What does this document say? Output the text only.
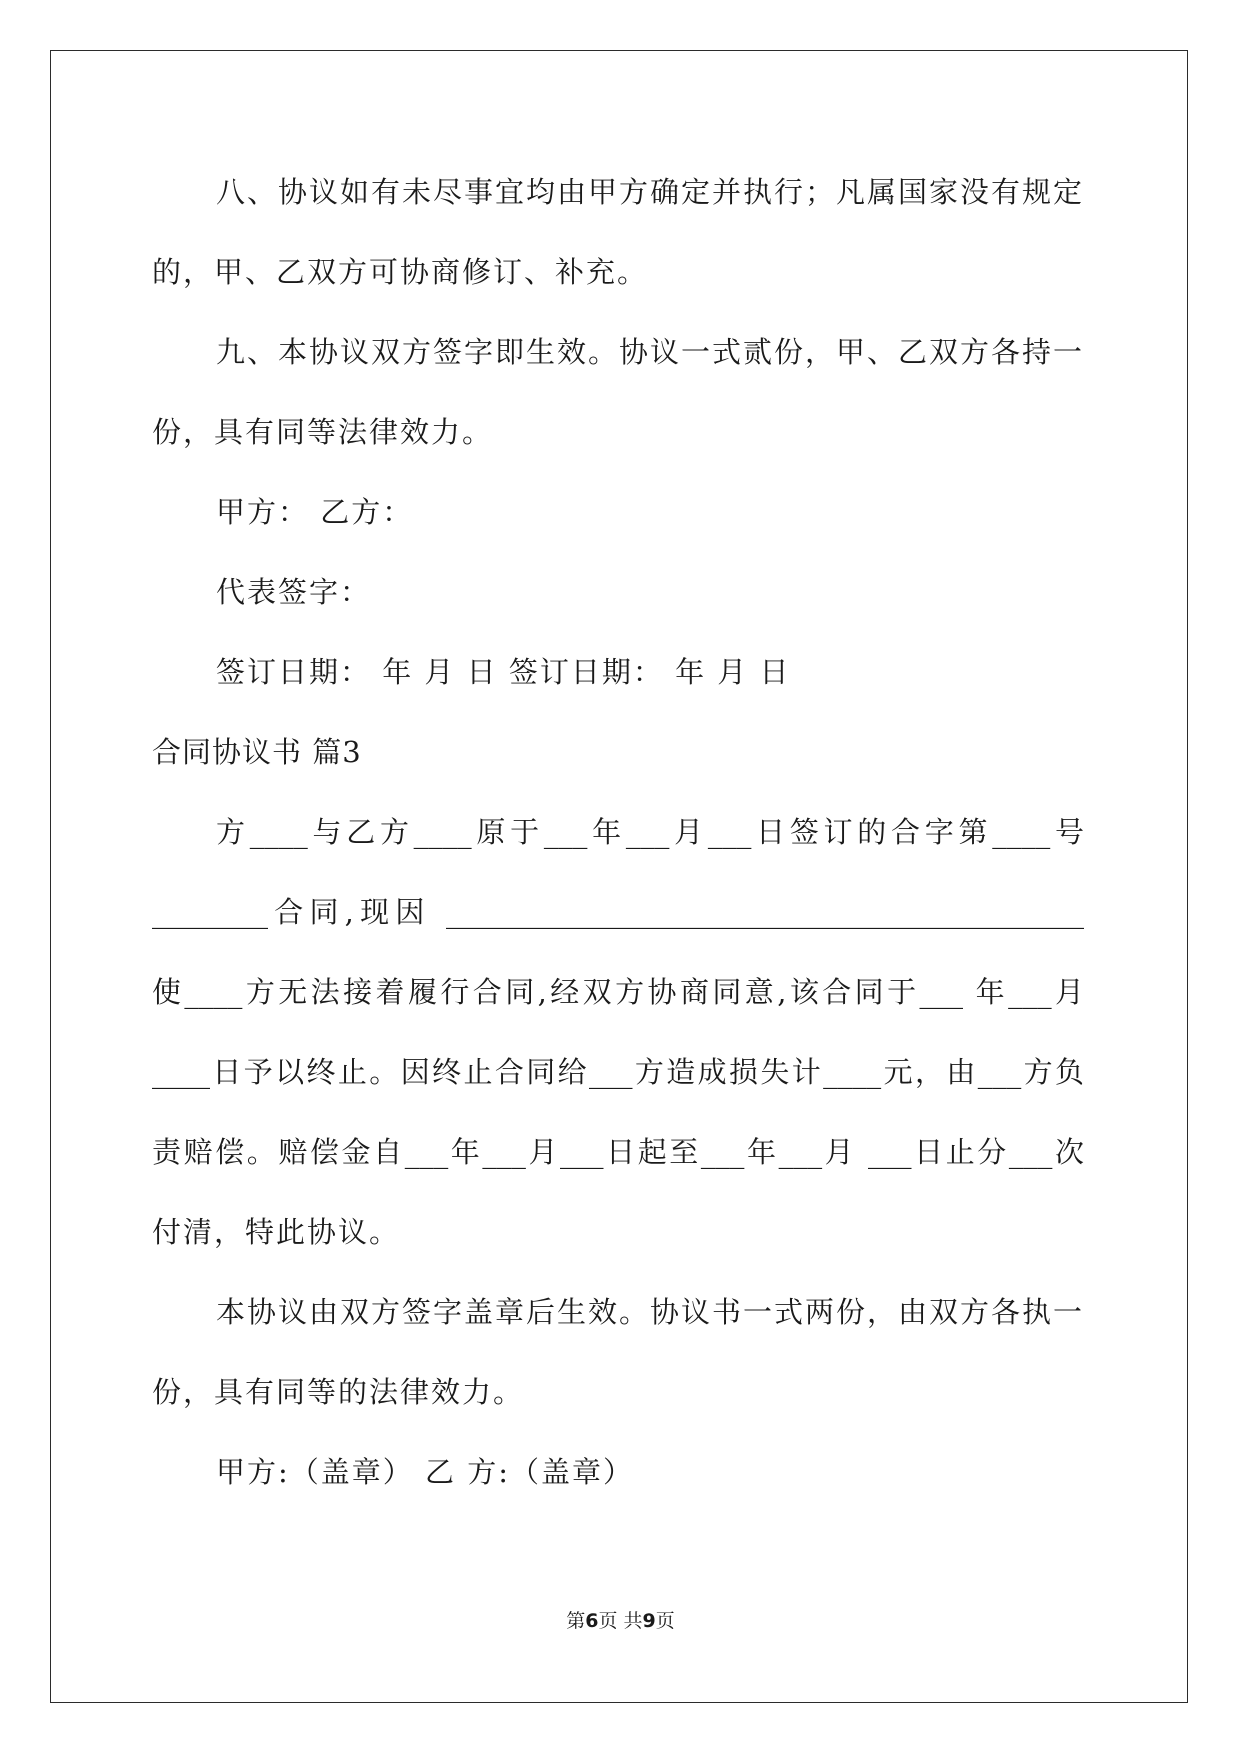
八、协议如有未尽事宜均由甲方确定并执行；凡属国家没有规定
的，甲、乙双方可协商修订、补充。
九、本协议双方签字即生效。协议一式贰份，甲、乙双方各持一
份，具有同等法律效力。
甲方： 乙方：
代表签字：
签订日期： 年 月 日 签订日期： 年 月 日
合同协议书 篇3
方____与乙方____原于___年___月___日签订的合字第____号
________合同,现因 ____________________________________________
使____方无法接着履行合同,经双方协商同意,该合同于___ 年___月
____日予以终止。因终止合同给___方造成损失计____元，由___方负
责赔偿。赔偿金自___年___月___日起至___年___月 ___日止分___次
付清，特此协议。
本协议由双方签字盖章后生效。协议书一式两份，由双方各执一
份，具有同等的法律效力。
甲方:（盖章） 乙 方:（盖章）
第6页 共9页
